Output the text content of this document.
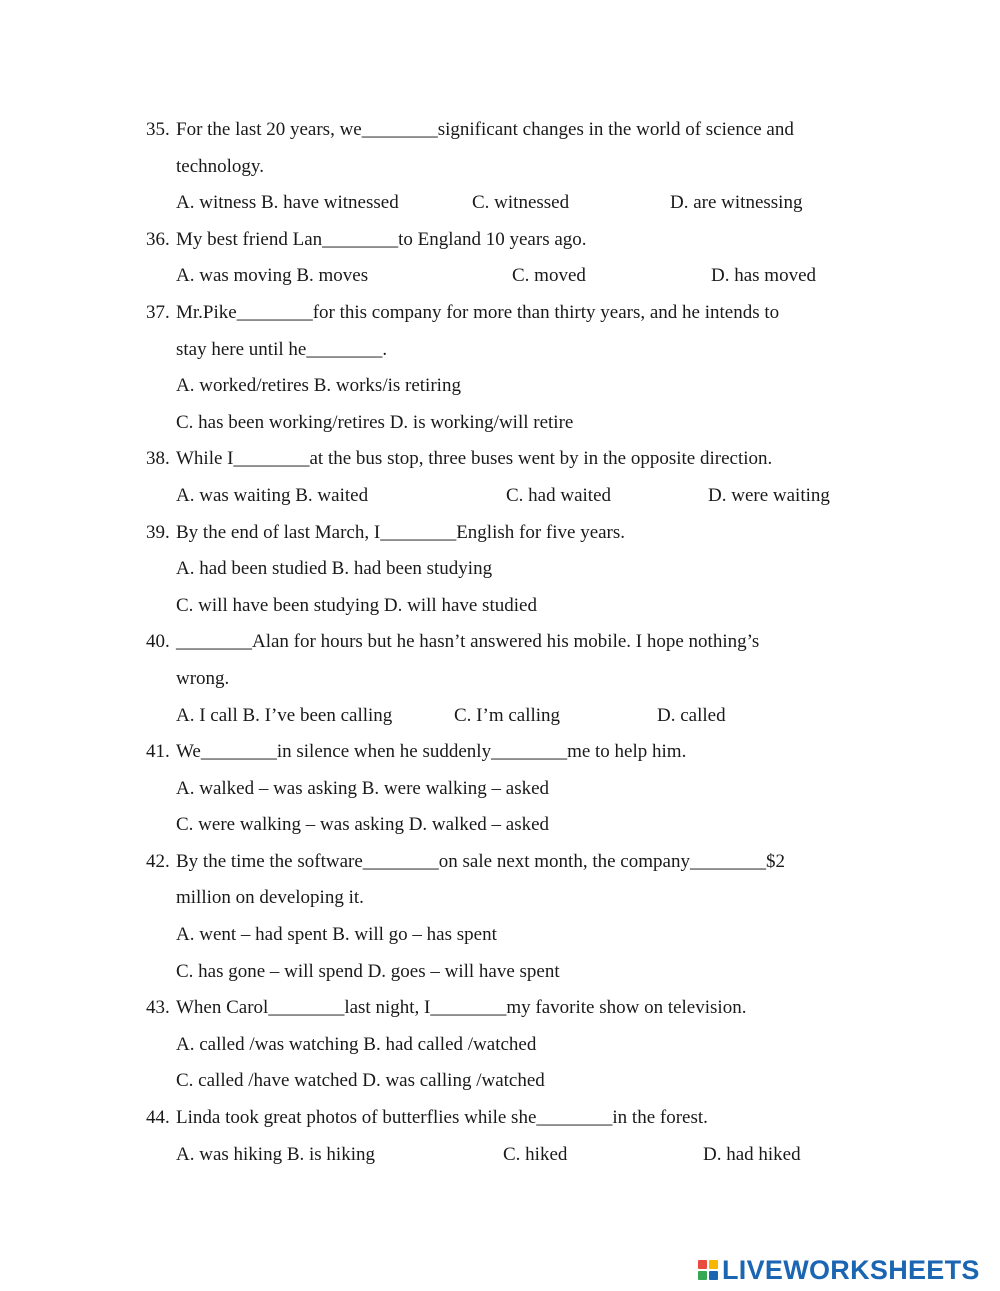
35. For the last 20 years, we________significant changes in the world of science and
technology.
A. witness B. have witnessed	C. witnessed	D. are witnessing
36. My best friend Lan________to England 10 years ago.
A. was moving B. moves	C. moved	D. has moved
37. Mr.Pike________for this company for more than thirty years, and he intends to
stay here until he________.
A. worked/retires B. works/is retiring
C. has been working/retires D. is working/will retire
38. While I________at the bus stop, three buses went by in the opposite direction.
A. was waiting B. waited	C. had waited	D. were waiting
39. By the end of last March, I________English for five years.
A. had been studied B. had been studying
C. will have been studying D. will have studied
40. ________Alan for hours but he hasn’t answered his mobile. I hope nothing’s
wrong.
A. I call B. I’ve been calling	C. I’m calling	D. called
41. We________in silence when he suddenly________me to help him.
A. walked – was asking B. were walking – asked
C. were walking – was asking D. walked – asked
42. By the time the software________on sale next month, the company________$2
million on developing it.
A. went – had spent B. will go – has spent
C. has gone – will spend D. goes – will have spent
43. When Carol________last night, I________my favorite show on television.
A. called /was watching B. had called /watched
C. called /have watched D. was calling /watched
44. Linda took great photos of butterflies while she________in the forest.
A. was hiking B. is hiking	C. hiked	D. had hiked
LIVEWORKSHEETS
